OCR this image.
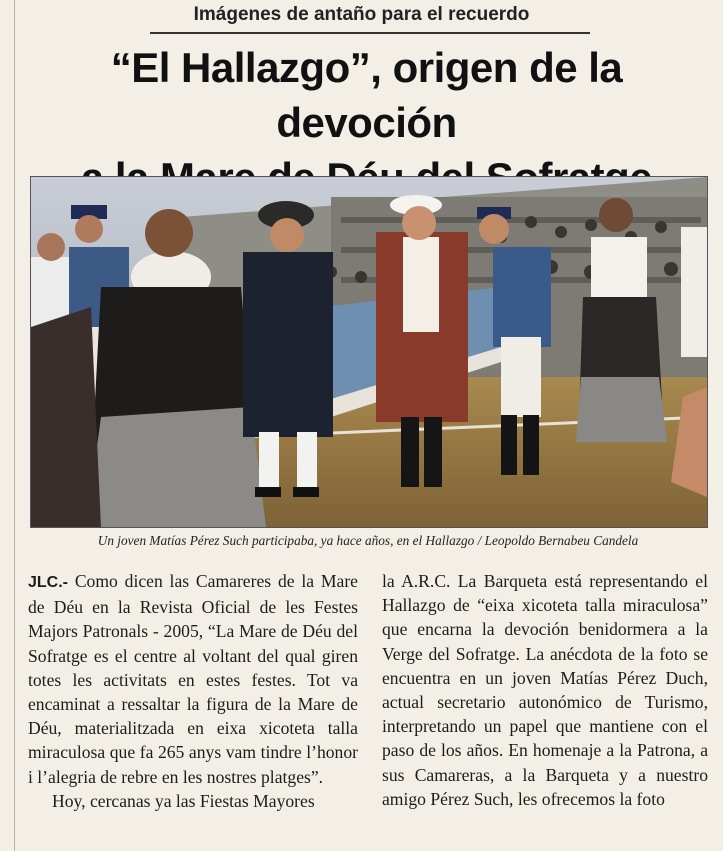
Imágenes de antaño para el recuerdo
“El Hallazgo”, origen de la devoción
Un joven Matías Pérez Such participaba, ya hace años, en el Hallazgo / Leopoldo Bernabeu Candela

JLC.- Como dicen las Camareres de la Mare de Déu en la Revista Oficial de les Festes Majors Patronals - 2005, “La Mare de Déu del Sofratge es el centre al voltant del qual giren totes les activitats en estes festes. Tot va encaminat a ressaltar la figura de la Mare de Déu, materialitzada en eixa xicoteta talla miraculosa que fa 265 anys vam tindre l’honor i l’alegria de rebre en les nostres platges”.

Hoy, cercanas ya las Fiestas Mayores

la A.R.C. La Barqueta está representando el Hallazgo de “eixa xicoteta talla miraculosa” que encarna la devoción benidormera a la Verge del Sofratge. La anécdota de la foto se encuentra en un joven Matías Pérez Duch, actual secretario autonómico de Turismo, interpretando un papel que mantiene con el paso de los años. En homenaje a la Patrona, a sus Camareras, a la Barqueta y a nuestro amigo Pérez Such, les ofrecemos la foto
